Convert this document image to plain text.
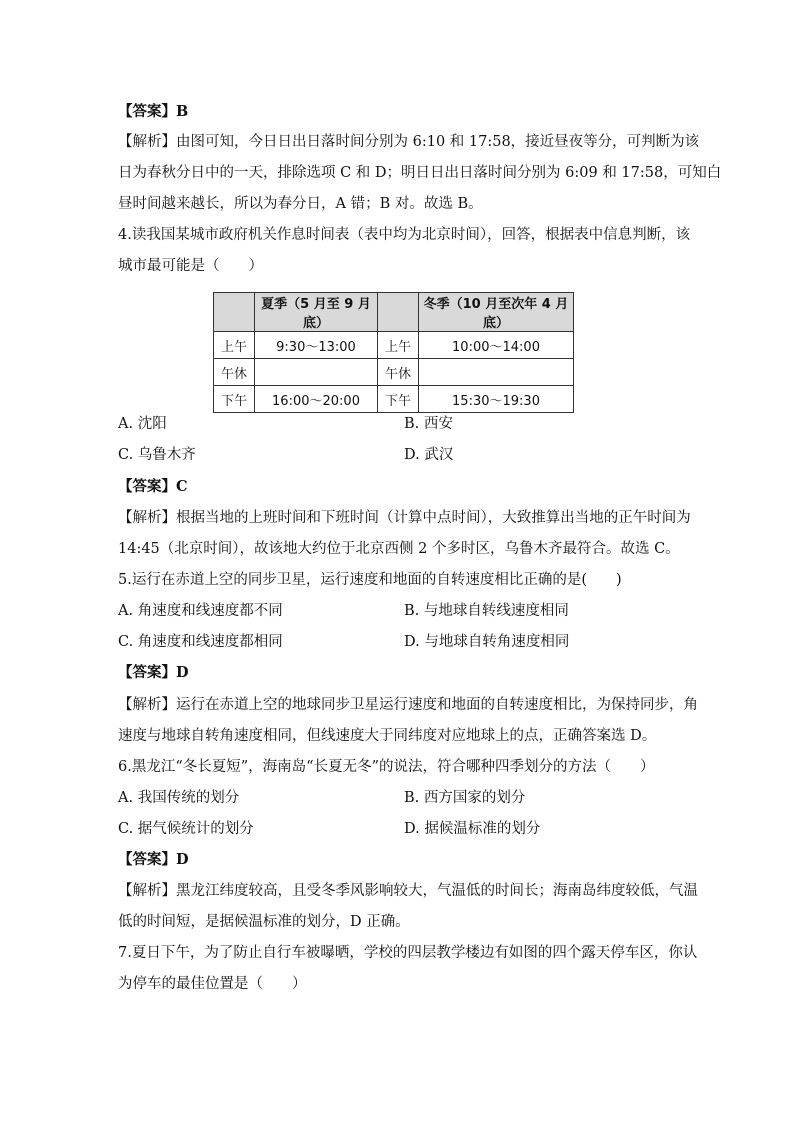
【答案】B
【解析】由图可知，今日日出日落时间分别为 6:10 和 17:58，接近昼夜等分，可判断为该
日为春秋分日中的一天，排除选项 C 和 D；明日日出日落时间分别为 6:09 和 17:58，可知白
昼时间越来越长，所以为春分日，A 错；B 对。故选 B。
4.读我国某城市政府机关作息时间表（表中均为北京时间），回答，根据表中信息判断，该
城市最可能是（　　）
	夏季（5 月至 9 月底）		冬季（10 月至次年 4 月底）
上午	9:30～13:00	上午	10:00～14:00
午休		午休	
下午	16:00～20:00	下午	15:30～19:30
A. 沈阳	B. 西安
C. 乌鲁木齐	D. 武汉
【答案】C
【解析】根据当地的上班时间和下班时间（计算中点时间），大致推算出当地的正午时间为
14:45（北京时间），故该地大约位于北京西侧 2 个多时区，乌鲁木齐最符合。故选 C。
5.运行在赤道上空的同步卫星，运行速度和地面的自转速度相比正确的是(　　)
A. 角速度和线速度都不同	B. 与地球自转线速度相同
C. 角速度和线速度都相同	D. 与地球自转角速度相同
【答案】D
【解析】运行在赤道上空的地球同步卫星运行速度和地面的自转速度相比，为保持同步，角
速度与地球自转角速度相同，但线速度大于同纬度对应地球上的点，正确答案选 D。
6.黑龙江“冬长夏短”，海南岛“长夏无冬”的说法，符合哪种四季划分的方法（　　）
A. 我国传统的划分	B. 西方国家的划分
C. 据气候统计的划分	D. 据候温标准的划分
【答案】D
【解析】黑龙江纬度较高，且受冬季风影响较大，气温低的时间长；海南岛纬度较低，气温
低的时间短，是据候温标准的划分，D 正确。
7.夏日下午，为了防止自行车被曝晒，学校的四层教学楼边有如图的四个露天停车区，你认
为停车的最佳位置是（　　）
